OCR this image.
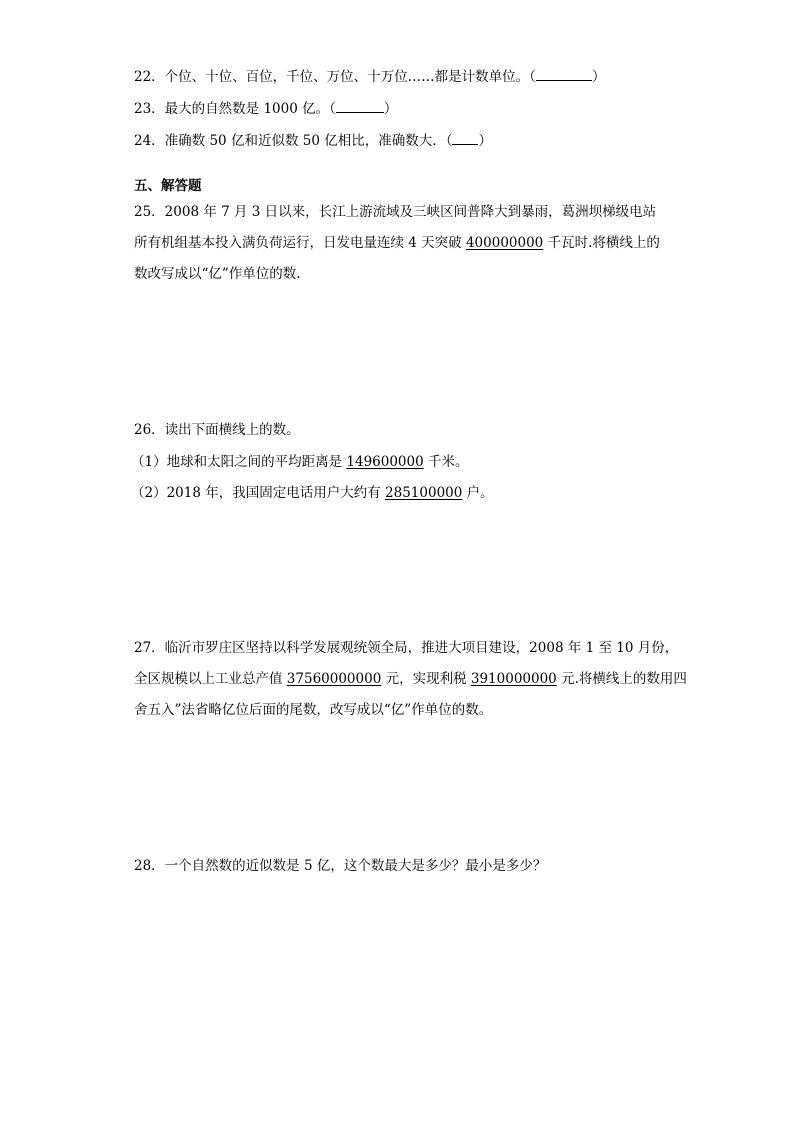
22．个位、十位、百位，千位、万位、十万位……都是计数单位。（	）
23．最大的自然数是 1000 亿。（	）
24．准确数 50 亿和近似数 50 亿相比，准确数大．（ ）
五、解答题
25．2008 年 7 月 3 日以来，长江上游流域及三峡区间普降大到暴雨，葛洲坝梯级电站
所有机组基本投入满负荷运行，日发电量连续 4 天突破 400000000 千瓦时.将横线上的
数改写成以“亿”作单位的数.
26．读出下面横线上的数。
（1）地球和太阳之间的平均距离是 149600000 千米。
（2）2018 年，我国固定电话用户大约有 285100000 户。
27．临沂市罗庄区坚持以科学发展观统领全局，推进大项目建设，2008 年 1 至 10 月份，
全区规模以上工业总产值 37560000000 元，实现利税 3910000000 元.将横线上的数用四
舍五入”法省略亿位后面的尾数，改写成以“亿”作单位的数。
28．一个自然数的近似数是 5 亿，这个数最大是多少？最小是多少？
